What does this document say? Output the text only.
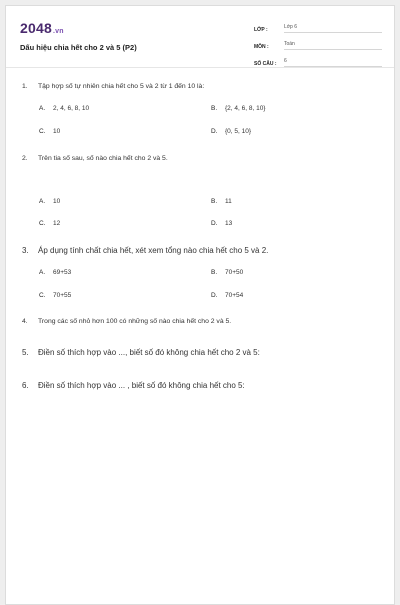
2048.vn
Dấu hiệu chia hết cho 2 và 5 (P2)
LỚP :	Lớp 6
MÔN :	Toán
SỐ CÂU :	6
1. Tập hợp số tự nhiên chia hết cho 5 và 2 từ 1 đến 10 là:
A. 2, 4, 6, 8, 10	B. {2, 4, 6, 8, 10}
C. 10	D. {0, 5, 10}
2. Trên tia số sau, số nào chia hết cho 2 và 5.
A. 10	B. 11
C. 12	D. 13
3. Áp dụng tính chất chia hết, xét xem tổng nào chia hết cho 5 và 2.
A. 69+53	B. 70+50
C. 70+55	D. 70+54
4. Trong các số nhỏ hơn 100 có những số nào chia hết cho 2 và 5.
5. Điền số thích hợp vào ..., biết số đó không chia hết cho 2 và 5:
6. Điền số thích hợp vào ... , biết số đó không chia hết cho 5:
